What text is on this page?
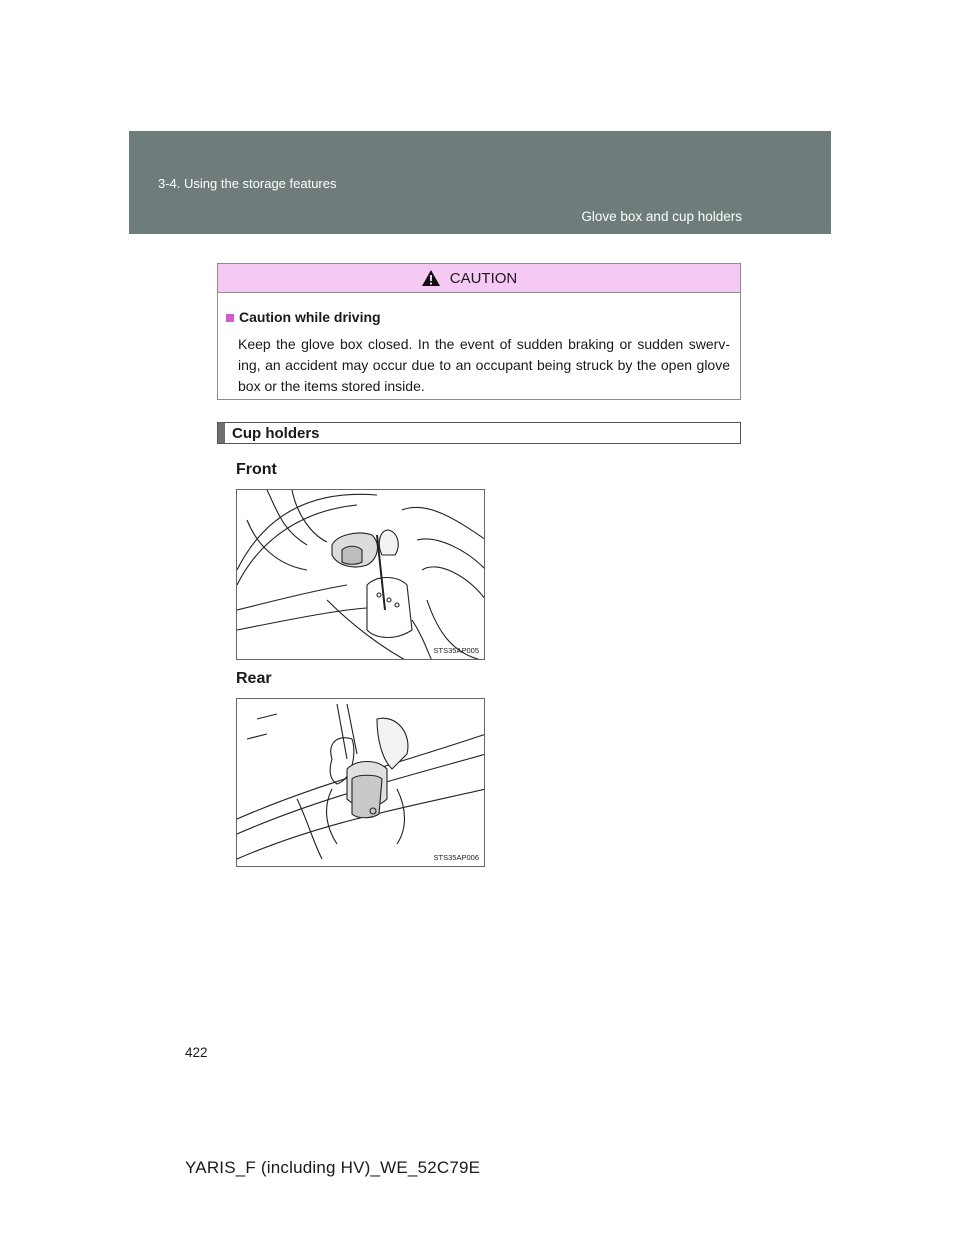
3-4. Using the storage features
Glove box and cup holders
CAUTION
Caution while driving
Keep the glove box closed. In the event of sudden braking or sudden swerv-ing, an accident may occur due to an occupant being struck by the open glove box or the items stored inside.
Cup holders
Front
STS35AP005
Rear
STS35AP006
422
YARIS_F (including HV)_WE_52C79E
